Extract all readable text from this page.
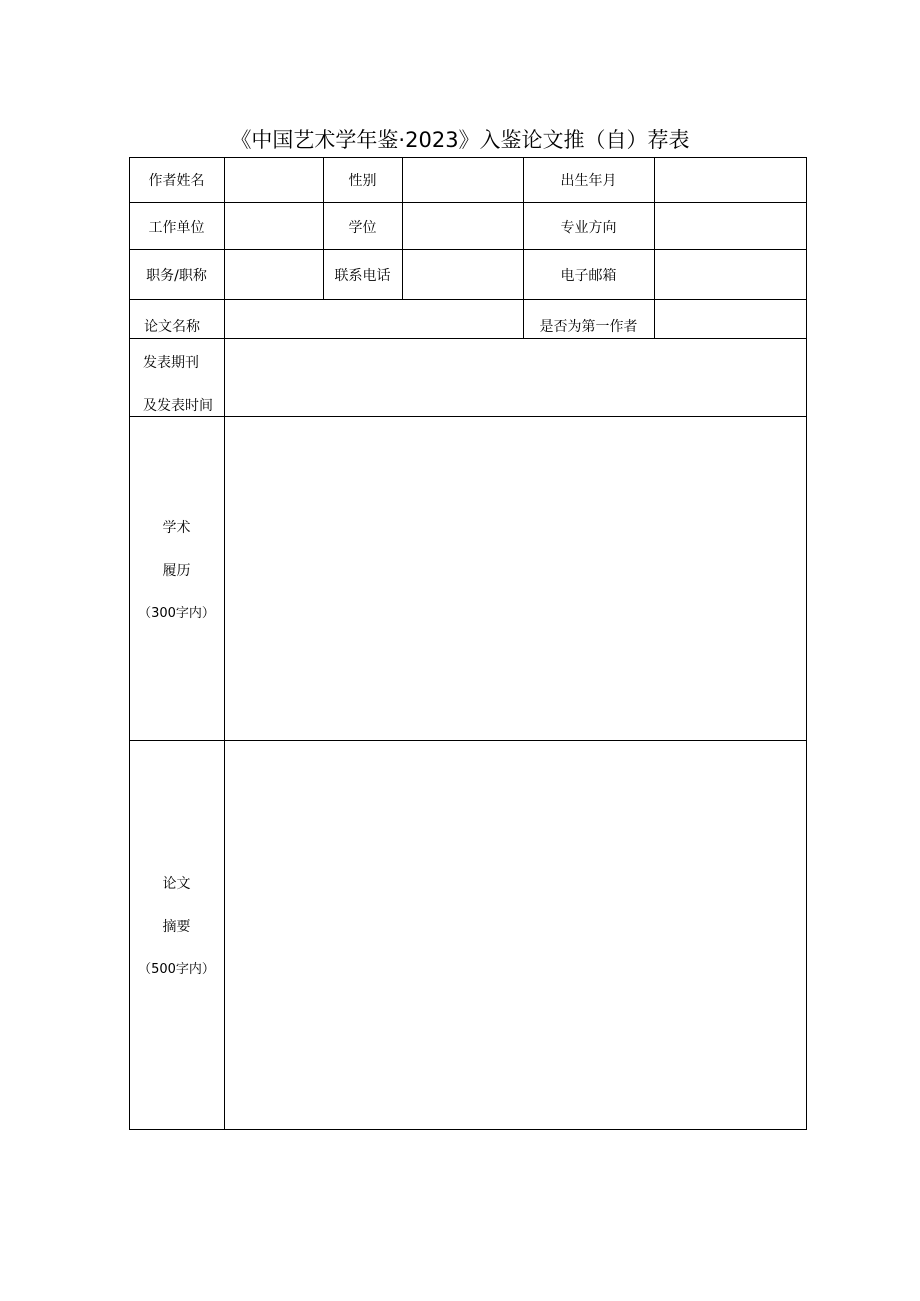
《中国艺术学年鉴·2023》入鉴论文推（自）荐表
作者姓名	性别	出生年月
工作单位	学位	专业方向
职务/职称	联系电话	电子邮箱
论文名称	是否为第一作者
发表期刊
及发表时间
学术
履历
（300字内）
论文
摘要
（500字内）
